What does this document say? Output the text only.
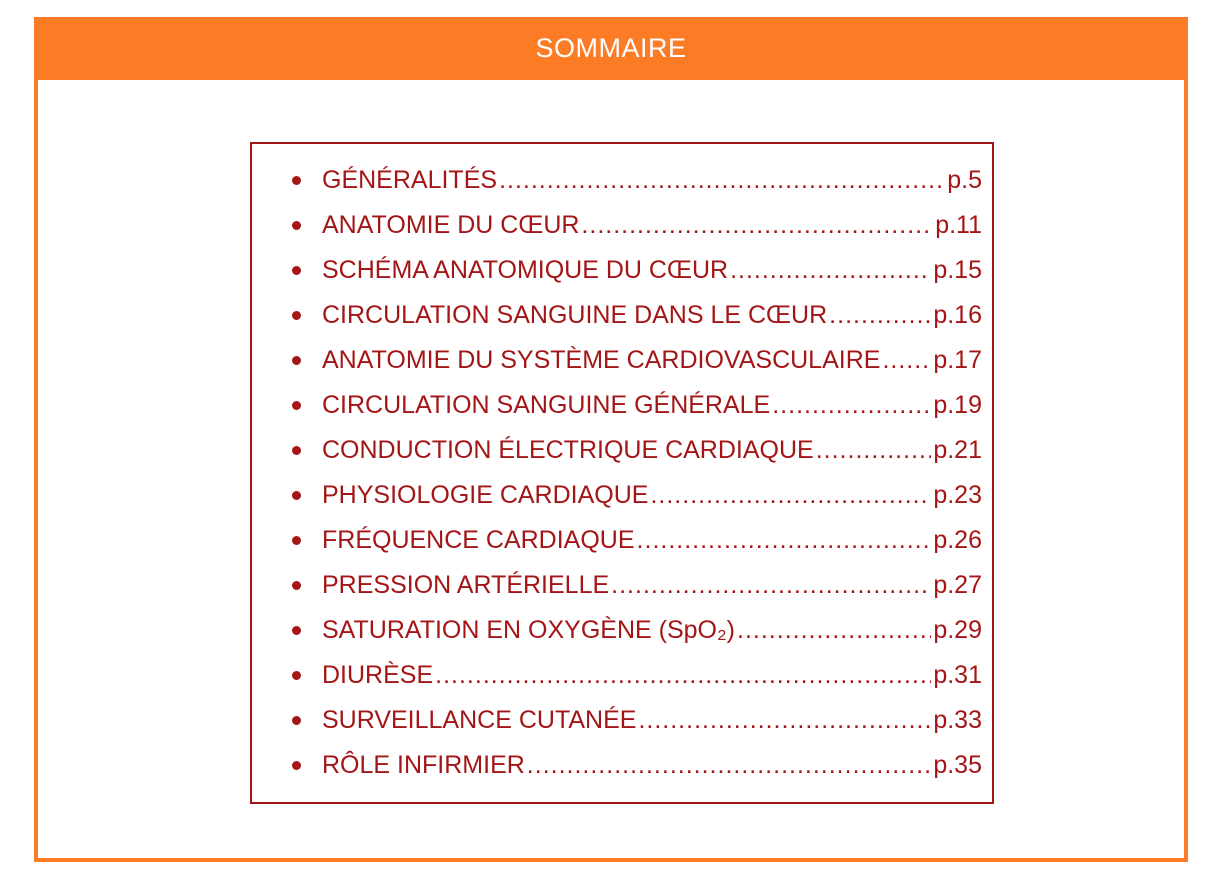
SOMMAIRE
GÉNÉRALITÉS .....	p.5
ANATOMIE DU CŒUR .....	p.11
SCHÉMA ANATOMIQUE DU CŒUR .....	p.15
CIRCULATION SANGUINE DANS LE CŒUR .....	p.16
ANATOMIE DU SYSTÈME CARDIOVASCULAIRE ..... p.17
CIRCULATION SANGUINE GÉNÉRALE .....	p.19
CONDUCTION ÉLECTRIQUE CARDIAQUE .....	p.21
PHYSIOLOGIE CARDIAQUE .....	p.23
FRÉQUENCE CARDIAQUE .....	p.26
PRESSION ARTÉRIELLE .....	p.27
SATURATION EN OXYGÈNE (SpO₂) .....	p.29
DIURÈSE .....	p.31
SURVEILLANCE CUTANÉE .....	p.33
RÔLE INFIRMIER .....	p.35
